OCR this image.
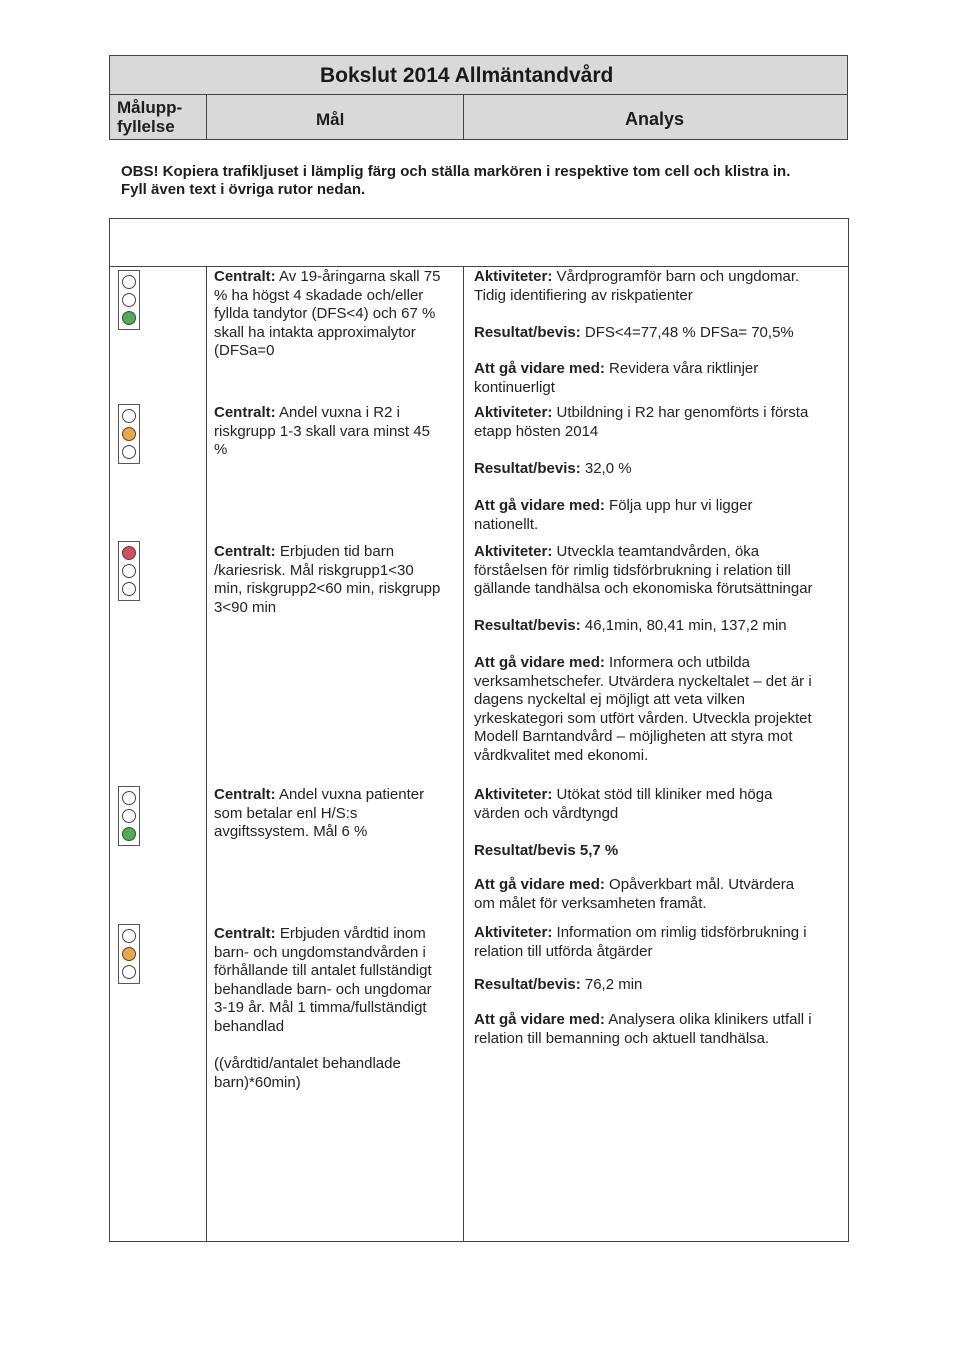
Bokslut 2014 Allmäntandvård
Målupp-
fyllelse	Mål	Analys
OBS! Kopiera trafikljuset i lämplig färg och ställa markören i respektive tom cell och klistra in.
Fyll även text i övriga rutor nedan.
Centralt: Av 19-åringarna skall 75
% ha högst 4 skadade och/eller
fyllda tandytor (DFS<4) och 67 %
skall ha intakta approximalytor
(DFSa=0
Aktiviteter: Vårdprogramför barn och ungdomar.
Tidig identifiering av riskpatienter
Resultat/bevis: DFS<4=77,48 % DFSa= 70,5%
Att gå vidare med: Revidera våra riktlinjer
kontinuerligt
Centralt: Andel vuxna i R2 i
riskgrupp 1-3 skall vara minst 45
%
Aktiviteter: Utbildning i R2 har genomförts i första
etapp hösten 2014
Resultat/bevis: 32,0 %
Att gå vidare med: Följa upp hur vi ligger
nationellt.
Centralt: Erbjuden tid barn
/kariesrisk. Mål riskgrupp1<30
min, riskgrupp2<60 min, riskgrupp
3<90 min
Aktiviteter: Utveckla teamtandvården, öka
förståelsen för rimlig tidsförbrukning i relation till
gällande tandhälsa och ekonomiska förutsättningar
Resultat/bevis: 46,1min, 80,41 min, 137,2 min
Att gå vidare med: Informera och utbilda
verksamhetschefer. Utvärdera nyckeltalet – det är i
dagens nyckeltal ej möjligt att veta vilken
yrkeskategori som utfört vården. Utveckla projektet
Modell Barntandvård – möjligheten att styra mot
vårdkvalitet med ekonomi.
Centralt: Andel vuxna patienter
som betalar enl H/S:s
avgiftssystem. Mål 6 %
Aktiviteter: Utökat stöd till kliniker med höga
värden och vårdtyngd
Resultat/bevis 5,7 %
Att gå vidare med: Opåverkbart mål. Utvärdera
om målet för verksamheten framåt.
Centralt: Erbjuden vårdtid inom
barn- och ungdomstandvården i
förhållande till antalet fullständigt
behandlade barn- och ungdomar
3-19 år. Mål 1 timma/fullständigt
behandlad
((vårdtid/antalet behandlade
barn)*60min)
Aktiviteter: Information om rimlig tidsförbrukning i
relation till utförda åtgärder
Resultat/bevis: 76,2 min
Att gå vidare med: Analysera olika klinikers utfall i
relation till bemanning och aktuell tandhälsa.
